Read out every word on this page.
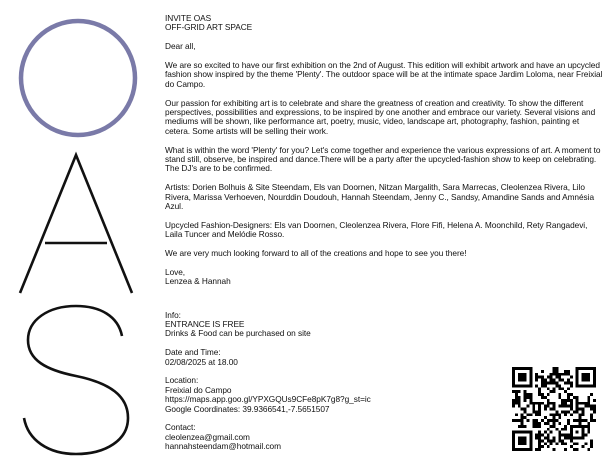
INVITE OAS
OFF-GRID ART SPACE

Dear all,

We are so excited to have our first exhibition on the 2nd of August. This edition will exhibit artwork and have an upcycled fashion show inspired by the theme 'Plenty'. The outdoor space will be at the intimate space Jardim Loloma, near Freixial do Campo.

Our passion for exhibiting art is to celebrate and share the greatness of creation and creativity. To show the different perspectives, possibilities and expressions, to be inspired by one another and embrace our variety. Several visions and mediums will be shown, like performance art, poetry, music, video, landscape art, photography, fashion, painting et cetera. Some artists will be selling their work.

What is within the word 'Plenty' for you? Let's come together and experience the various expressions of art. A moment to stand still, observe, be inspired and dance.There will be a party after the upcycled-fashion show to keep on celebrating. The DJ's are to be confirmed.

Artists: Dorien Bolhuis & Site Steendam, Els van Doornen, Nitzan Margalith, Sara Marrecas, Cleolenzea Rivera, Lilo Rivera, Marissa Verhoeven, Nourddin Doudouh, Hannah Steendam, Jenny C., Sandsy, Amandine Sands and Amnésia Azul.

Upcycled Fashion-Designers: Els van Doornen, Cleolenzea Rivera, Flore Fifi, Helena A. Moonchild, Rety Rangadevi, Laila Tuncer and Melódie Rosso.

We are very much looking forward to all of the creations and hope to see you there!

Love,
Lenzea & Hannah

Info:
ENTRANCE IS FREE
Drinks & Food can be purchased on site

Date and Time:
02/08/2025 at 18.00

Location:
Freixial do Campo
https://maps.app.goo.gl/YPXGQUs9CFe8pK7g8?g_st=ic
Google Coordinates: 39.9366541,-7.5651507

Contact:
cleolenzea@gmail.com
hannahsteendam@hotmail.com
